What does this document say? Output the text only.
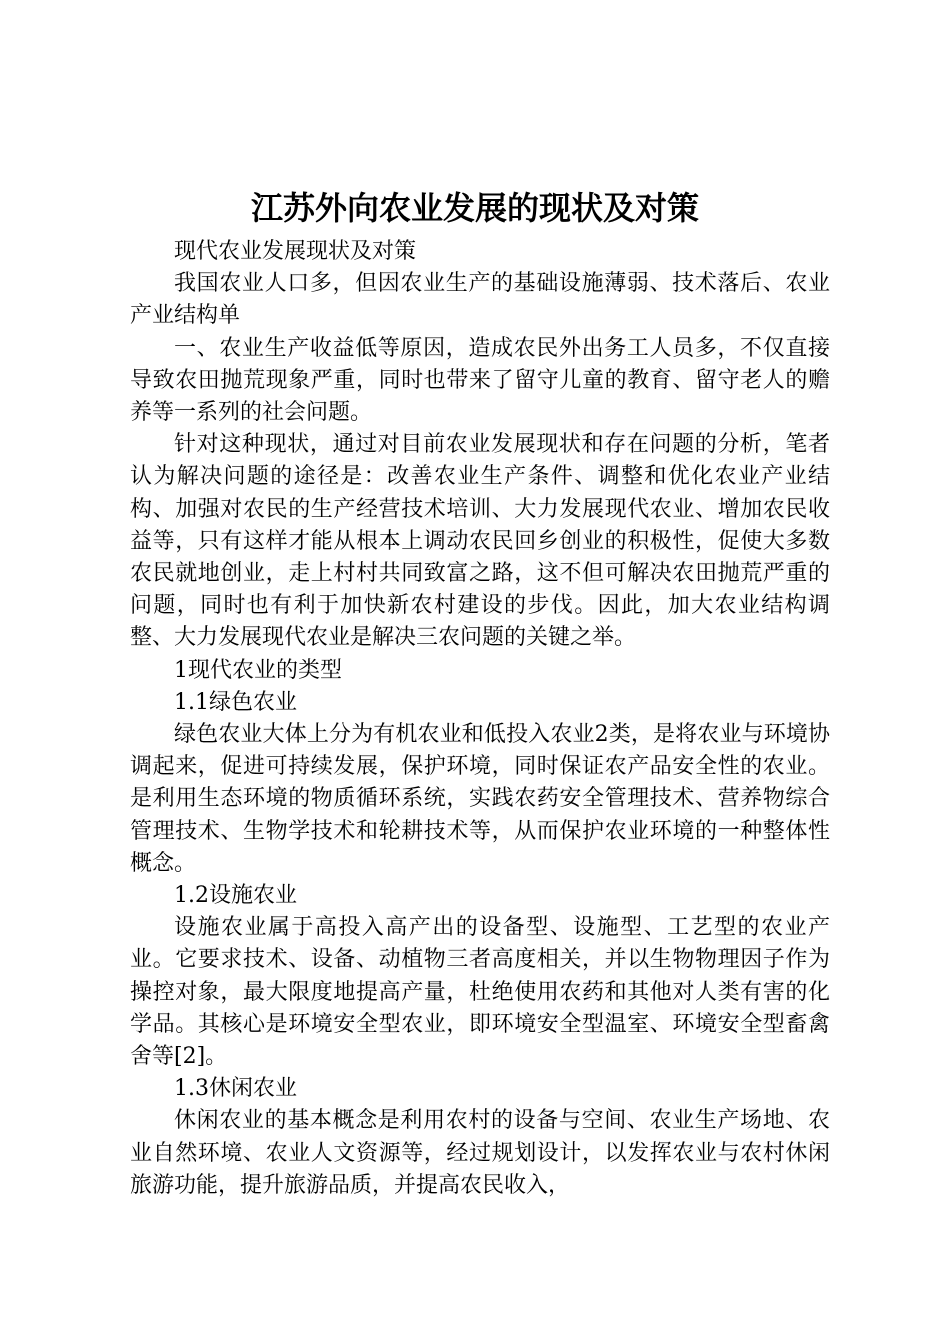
江苏外向农业发展的现状及对策

现代农业发展现状及对策

我国农业人口多，但因农业生产的基础设施薄弱、技术落后、农业产业结构单

一、农业生产收益低等原因，造成农民外出务工人员多，不仅直接导致农田抛荒现象严重，同时也带来了留守儿童的教育、留守老人的赡养等一系列的社会问题。

针对这种现状，通过对目前农业发展现状和存在问题的分析，笔者认为解决问题的途径是：改善农业生产条件、调整和优化农业产业结构、加强对农民的生产经营技术培训、大力发展现代农业、增加农民收益等，只有这样才能从根本上调动农民回乡创业的积极性，促使大多数农民就地创业，走上村村共同致富之路，这不但可解决农田抛荒严重的问题，同时也有利于加快新农村建设的步伐。因此，加大农业结构调整、大力发展现代农业是解决三农问题的关键之举。

1现代农业的类型

1.1绿色农业

绿色农业大体上分为有机农业和低投入农业2类，是将农业与环境协调起来，促进可持续发展，保护环境，同时保证农产品安全性的农业。是利用生态环境的物质循环系统，实践农药安全管理技术、营养物综合管理技术、生物学技术和轮耕技术等，从而保护农业环境的一种整体性概念。

1.2设施农业

设施农业属于高投入高产出的设备型、设施型、工艺型的农业产业。它要求技术、设备、动植物三者高度相关，并以生物物理因子作为操控对象，最大限度地提高产量，杜绝使用农药和其他对人类有害的化学品。其核心是环境安全型农业，即环境安全型温室、环境安全型畜禽舍等[2]。

1.3休闲农业

休闲农业的基本概念是利用农村的设备与空间、农业生产场地、农业自然环境、农业人文资源等，经过规划设计，以发挥农业与农村休闲旅游功能，提升旅游品质，并提高农民收入，
